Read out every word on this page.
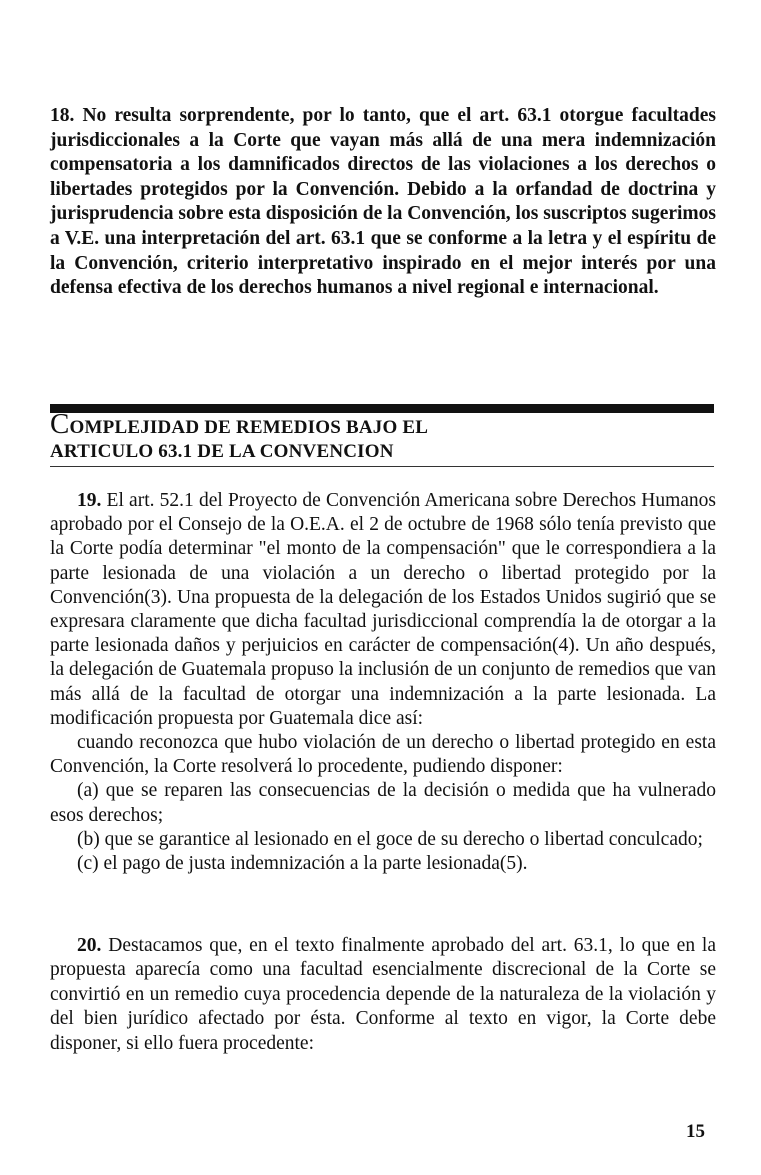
18. No resulta sorprendente, por lo tanto, que el art. 63.1 otorgue facultades jurisdiccionales a la Corte que vayan más allá de una mera indemnización compensatoria a los damnificados directos de las violaciones a los derechos o libertades protegidos por la Convención. Debido a la orfandad de doctrina y jurisprudencia sobre esta disposición de la Convención, los suscriptos sugerimos a V.E. una interpretación del art. 63.1 que se conforme a la letra y el espíritu de la Convención, criterio interpretativo inspirado en el mejor interés por una defensa efectiva de los derechos humanos a nivel regional e internacional.

COMPLEJIDAD DE REMEDIOS BAJO EL
ARTICULO 63.1 DE LA CONVENCION

19. El art. 52.1 del Proyecto de Convención Americana sobre Derechos Humanos aprobado por el Consejo de la O.E.A. el 2 de octubre de 1968 sólo tenía previsto que la Corte podía determinar "el monto de la compensación" que le correspondiera a la parte lesionada de una violación a un derecho o libertad protegido por la Convención(3). Una propuesta de la delegación de los Estados Unidos sugirió que se expresara claramente que dicha facultad jurisdiccional comprendía la de otorgar a la parte lesionada daños y perjuicios en carácter de compensación(4). Un año después, la delegación de Guatemala propuso la inclusión de un conjunto de remedios que van más allá de la facultad de otorgar una indemnización a la parte lesionada. La modificación propuesta por Guatemala dice así:

cuando reconozca que hubo violación de un derecho o libertad protegido en esta Convención, la Corte resolverá lo procedente, pudiendo disponer:

(a) que se reparen las consecuencias de la decisión o medida que ha vulnerado esos derechos;

(b) que se garantice al lesionado en el goce de su derecho o libertad conculcado;

(c) el pago de justa indemnización a la parte lesionada(5).

20. Destacamos que, en el texto finalmente aprobado del art. 63.1, lo que en la propuesta aparecía como una facultad esencialmente discrecional de la Corte se convirtió en un remedio cuya procedencia depende de la naturaleza de la violación y del bien jurídico afectado por ésta. Conforme al texto en vigor, la Corte debe disponer, si ello fuera procedente:

15
